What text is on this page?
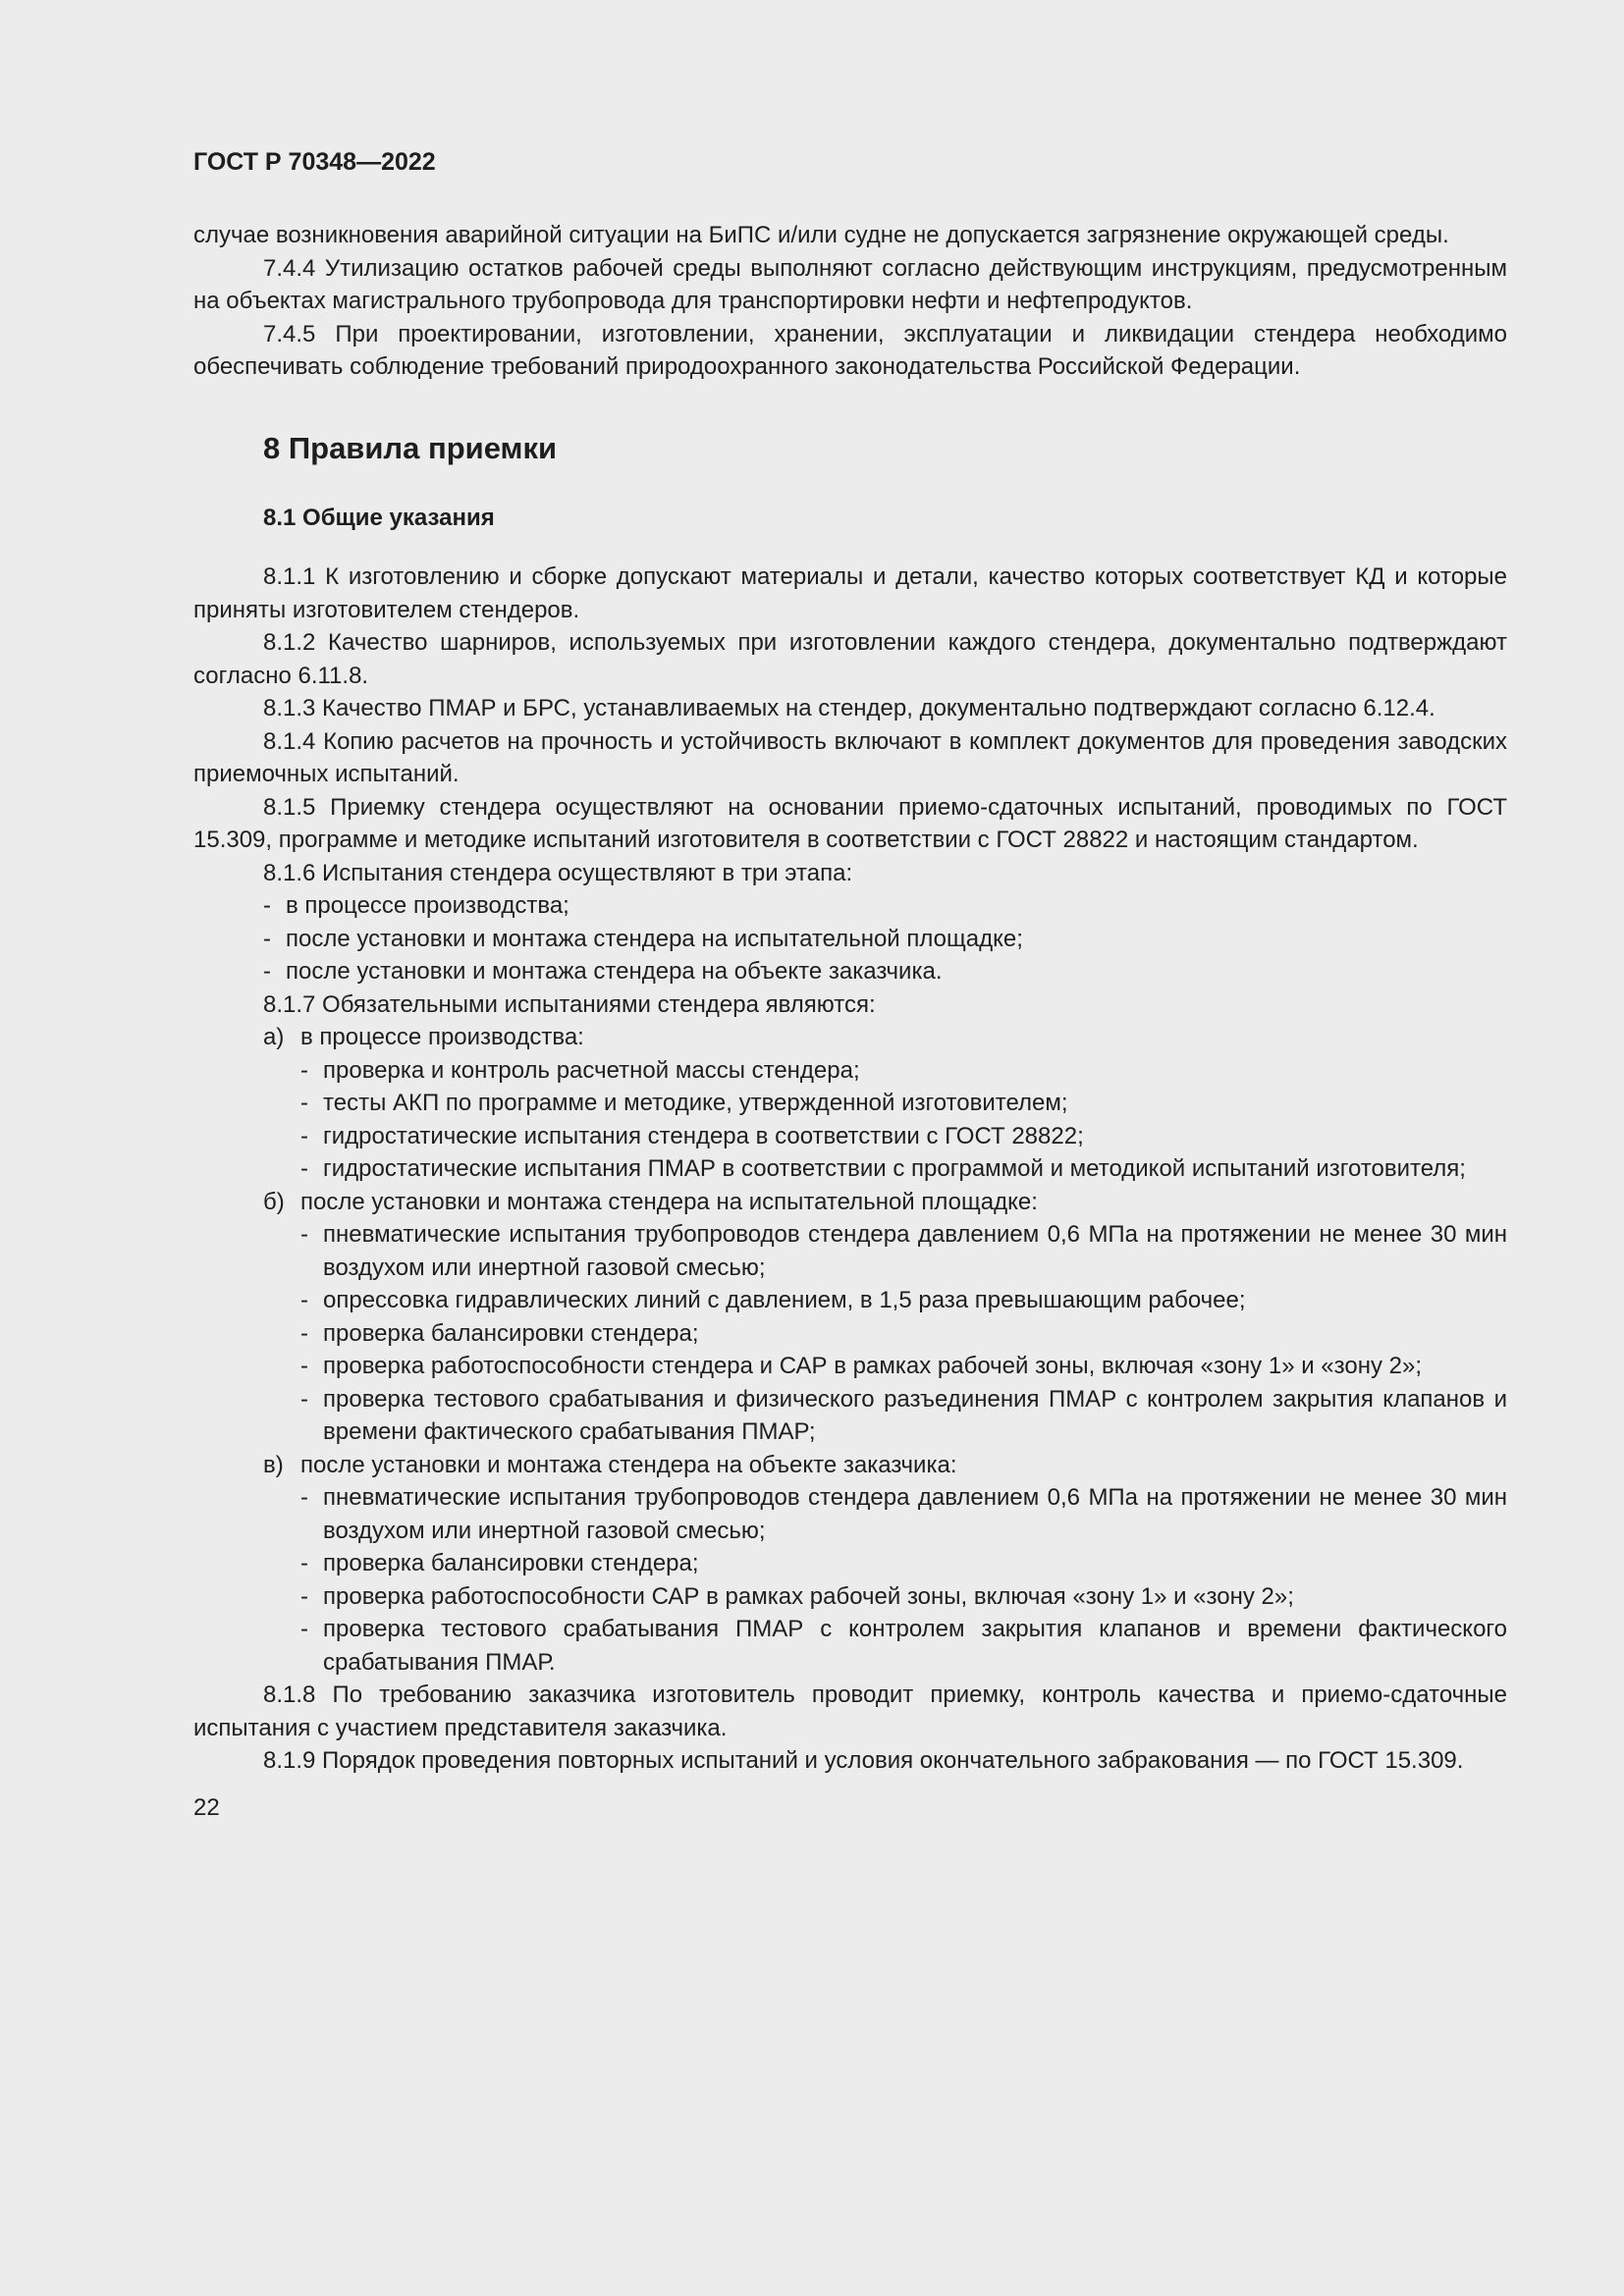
ГОСТ Р 70348—2022

случае возникновения аварийной ситуации на БиПС и/или судне не допускается загрязнение окружающей среды.

7.4.4 Утилизацию остатков рабочей среды выполняют согласно действующим инструкциям, предусмотренным на объектах магистрального трубопровода для транспортировки нефти и нефтепродуктов.

7.4.5 При проектировании, изготовлении, хранении, эксплуатации и ликвидации стендера необходимо обеспечивать соблюдение требований природоохранного законодательства Российской Федерации.

8 Правила приемки
8.1 Общие указания

8.1.1 К изготовлению и сборке допускают материалы и детали, качество которых соответствует КД и которые приняты изготовителем стендеров.

8.1.2 Качество шарниров, используемых при изготовлении каждого стендера, документально подтверждают согласно 6.11.8.

8.1.3 Качество ПМАР и БРС, устанавливаемых на стендер, документально подтверждают согласно 6.12.4.

8.1.4 Копию расчетов на прочность и устойчивость включают в комплект документов для проведения заводских приемочных испытаний.

8.1.5 Приемку стендера осуществляют на основании приемо-сдаточных испытаний, проводимых по ГОСТ 15.309, программе и методике испытаний изготовителя в соответствии с ГОСТ 28822 и настоящим стандартом.

8.1.6 Испытания стендера осуществляют в три этапа:

- в процессе производства;

- после установки и монтажа стендера на испытательной площадке;

- после установки и монтажа стендера на объекте заказчика.

8.1.7 Обязательными испытаниями стендера являются:

а) в процессе производства:

- проверка и контроль расчетной массы стендера;

- тесты АКП по программе и методике, утвержденной изготовителем;

- гидростатические испытания стендера в соответствии с ГОСТ 28822;

- гидростатические испытания ПМАР в соответствии с программой и методикой испытаний изготовителя;

б) после установки и монтажа стендера на испытательной площадке:

- пневматические испытания трубопроводов стендера давлением 0,6 МПа на протяжении не менее 30 мин воздухом или инертной газовой смесью;

- опрессовка гидравлических линий с давлением, в 1,5 раза превышающим рабочее;

- проверка балансировки стендера;

- проверка работоспособности стендера и САР в рамках рабочей зоны, включая «зону 1» и «зону 2»;

- проверка тестового срабатывания и физического разъединения ПМАР с контролем закрытия клапанов и времени фактического срабатывания ПМАР;

в) после установки и монтажа стендера на объекте заказчика:

- пневматические испытания трубопроводов стендера давлением 0,6 МПа на протяжении не менее 30 мин воздухом или инертной газовой смесью;

- проверка балансировки стендера;

- проверка работоспособности САР в рамках рабочей зоны, включая «зону 1» и «зону 2»;

- проверка тестового срабатывания ПМАР с контролем закрытия клапанов и времени фактического срабатывания ПМАР.

8.1.8 По требованию заказчика изготовитель проводит приемку, контроль качества и приемо-сдаточные испытания с участием представителя заказчика.

8.1.9 Порядок проведения повторных испытаний и условия окончательного забракования — по ГОСТ 15.309.

22
